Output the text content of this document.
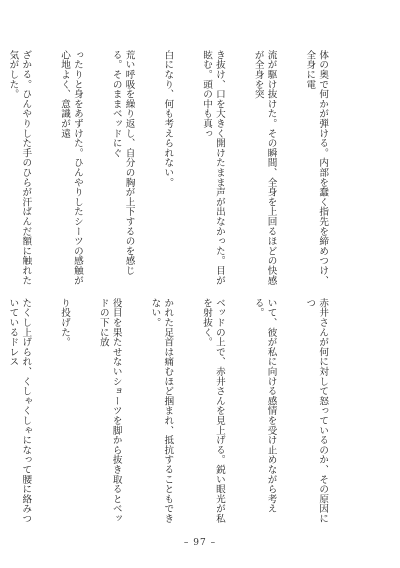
体の奥で何かが弾ける。内部を蠢く指先を締めつけ、全身に電

流が駆け抜けた。その瞬間、全身を上回るほどの快感が全身を突

き抜け、口を大きく開けたまま声が出なかった。目が眩む。頭の中も真っ

白になり、何も考えられない。

荒い呼吸を繰り返し、自分の胸が上下するのを感じる。そのままベッドにぐ

ったりと身をあずけた。ひんやりしたシーツの感触が心地よく、意識が遠

ざかる。ひんやりした手のひらが汗ばんだ額に触れた気がした。

赤井さんが何に対して怒っているのか、その原因につ

いて、彼が私に向ける感情を受け止めながら考える。

ベッドの上で、赤井さんを見上げる。鋭い眼光が私を射抜く。

かれた足首は痛むほど掴まれ、抵抗することもできない。

役目を果たせないショーツを脚から抜き取るとベッドの下に放

り投げた。

たくし上げられ、くしゃくしゃになって腰に絡みついているドレス

– 97 –
